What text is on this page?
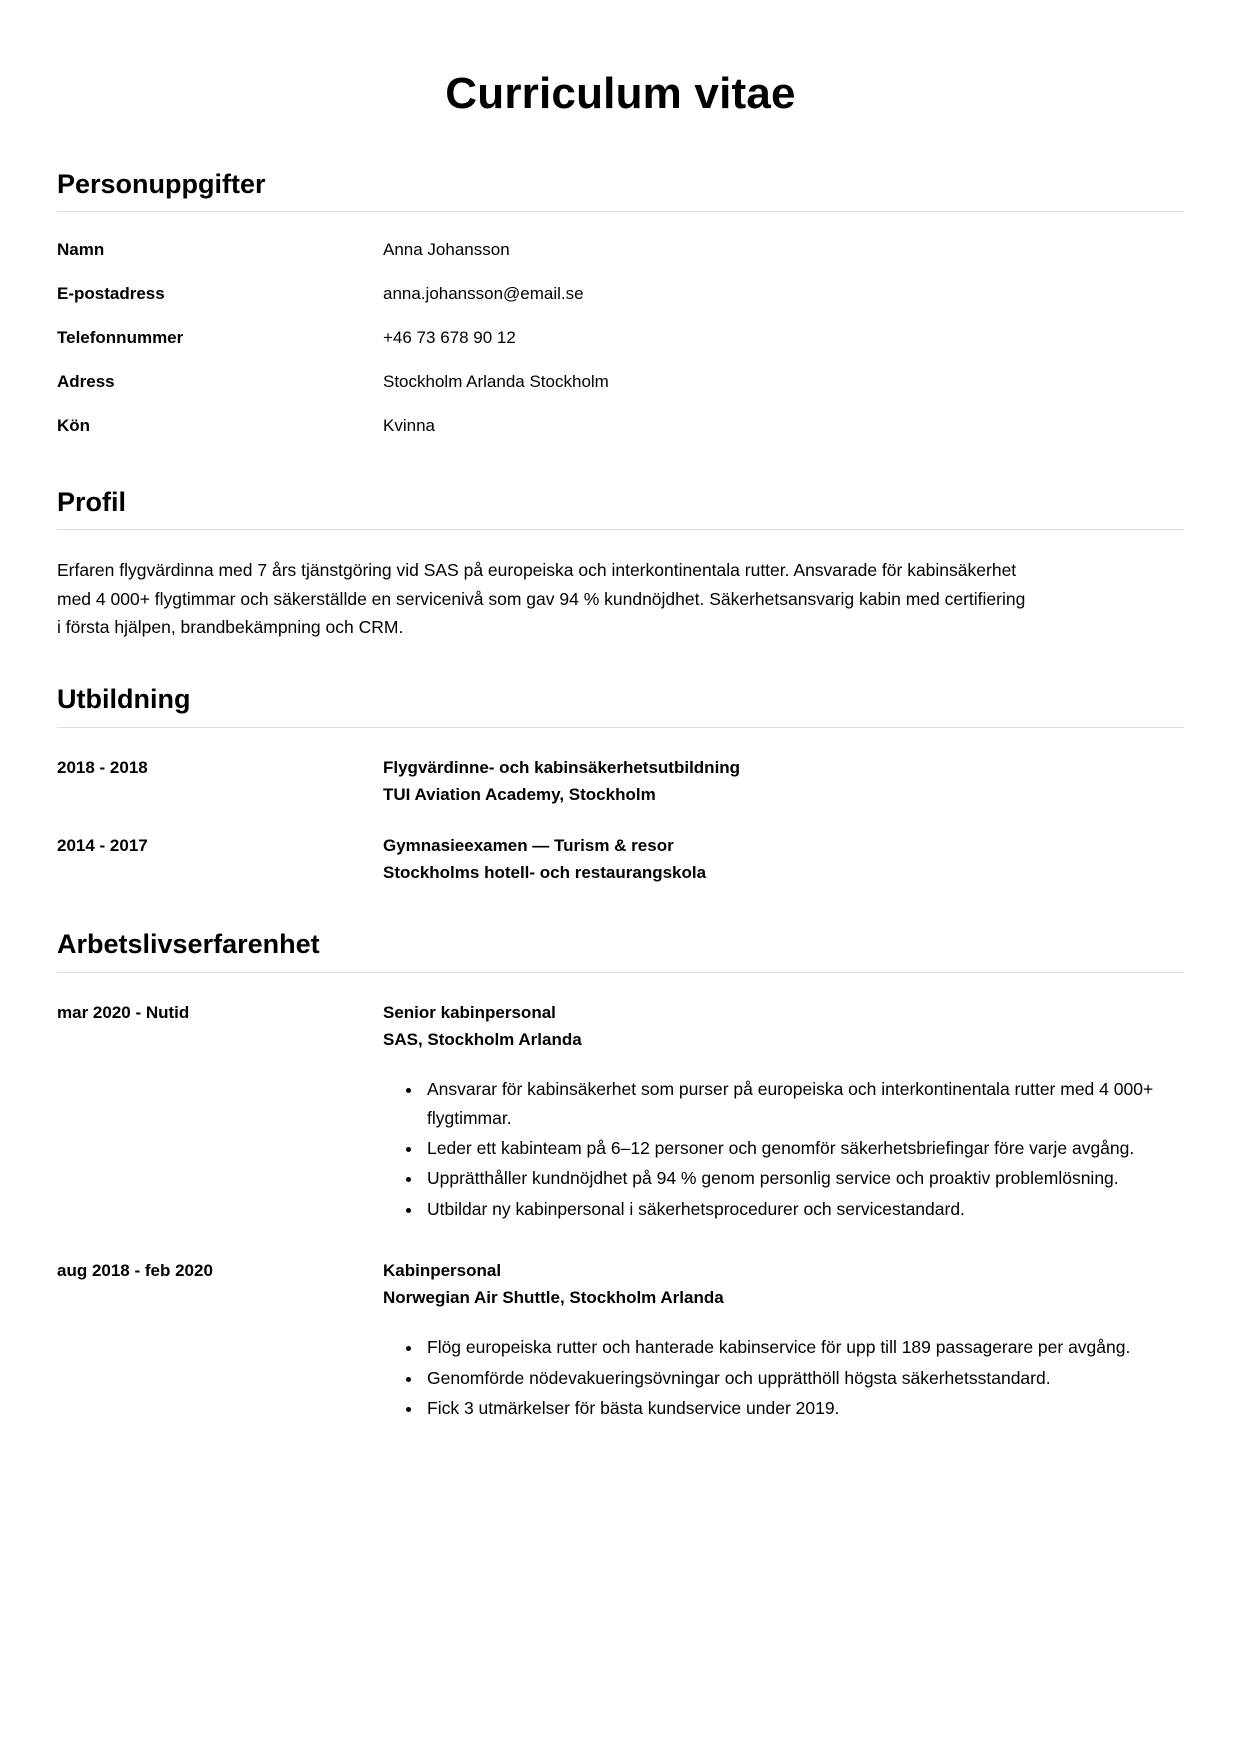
Curriculum vitae
Personuppgifter
Namn	Anna Johansson
E-postadress	anna.johansson@email.se
Telefonnummer	+46 73 678 90 12
Adress	Stockholm Arlanda Stockholm
Kön	Kvinna
Profil

Erfaren flygvärdinna med 7 års tjänstgöring vid SAS på europeiska och interkontinentala rutter. Ansvarade för kabinsäkerhet med 4 000+ flygtimmar och säkerställde en servicenivå som gav 94 % kundnöjdhet. Säkerhetsansvarig kabin med certifiering i första hjälpen, brandbekämpning och CRM.

Utbildning
2018 - 2018	Flygvärdinne- och kabinsäkerhetsutbildning
TUI Aviation Academy, Stockholm
2014 - 2017	Gymnasieexamen — Turism & resor
Stockholms hotell- och restaurangskola
Arbetslivserfarenhet
mar 2020 - Nutid	Senior kabinpersonal
SAS, Stockholm Arlanda
• Ansvarar för kabinsäkerhet som purser på europeiska och interkontinentala rutter med 4 000+ flygtimmar.
• Leder ett kabinteam på 6–12 personer och genomför säkerhetsbriefingar före varje avgång.
• Upprätthåller kundnöjdhet på 94 % genom personlig service och proaktiv problemlösning.
• Utbildar ny kabinpersonal i säkerhetsprocedurer och servicestandard.
aug 2018 - feb 2020	Kabinpersonal
Norwegian Air Shuttle, Stockholm Arlanda
• Flög europeiska rutter och hanterade kabinservice för upp till 189 passagerare per avgång.
• Genomförde nödevakueringsövningar och upprätthöll högsta säkerhetsstandard.
• Fick 3 utmärkelser för bästa kundservice under 2019.
